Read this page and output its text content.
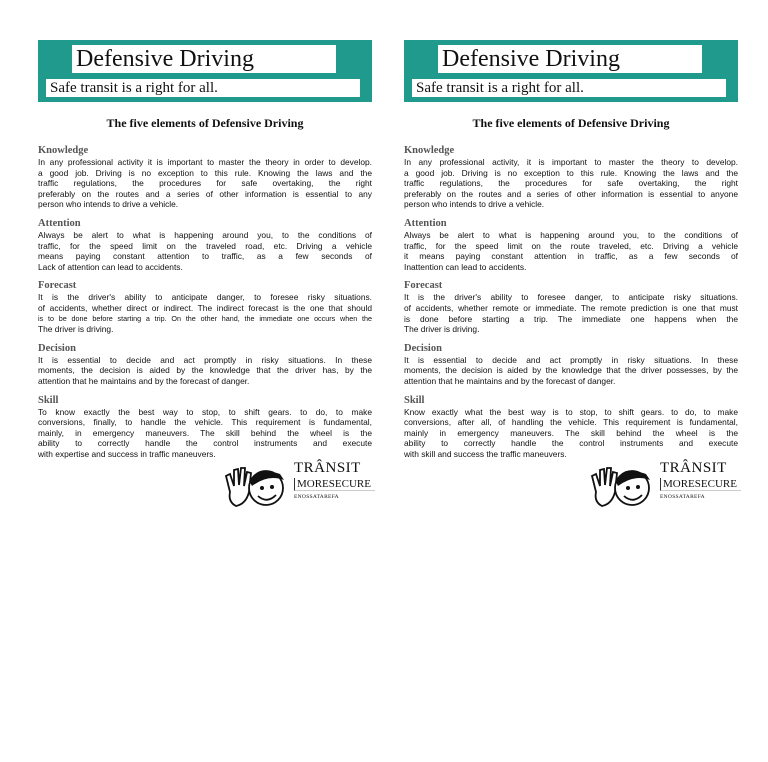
Defensive Driving
Safe transit is a right for all.
The five elements of Defensive Driving
Knowledge
In any professional activity it is important to master the theory in order to develop.
a good job. Driving is no exception to this rule. Knowing the laws and the
traffic regulations, the procedures for safe overtaking, the right
preferably on the routes and a series of other information is essential to any
person who intends to drive a vehicle.
Attention
Always be alert to what is happening around you, to the conditions of
traffic, for the speed limit on the traveled road, etc. Driving a vehicle
means paying constant attention to traffic, as a few seconds of
Lack of attention can lead to accidents.
Forecast
It is the driver's ability to anticipate danger, to foresee risky situations.
of accidents, whether direct or indirect. The indirect forecast is the one that should
is to be done before starting a trip. On the other hand, the immediate one occurs when the
The driver is driving.
Decision
It is essential to decide and act promptly in risky situations. In these
moments, the decision is aided by the knowledge that the driver has, by the
attention that he maintains and by the forecast of danger.
Skill
To know exactly the best way to stop, to shift gears. to do, to make
conversions, finally, to handle the vehicle. This requirement is fundamental,
mainly, in emergency maneuvers. The skill behind the wheel is the
ability to correctly handle the control instruments and execute
with expertise and success in traffic maneuvers.
TRÂNSIT
MORESECURE
ENOSSATAREFA
Defensive Driving
Safe transit is a right for all.
The five elements of Defensive Driving
Knowledge
In any professional activity, it is important to master the theory to develop.
a good job. Driving is no exception to this rule. Knowing the laws and the
traffic regulations, the procedures for safe overtaking, the right
preferably on the routes and a series of other information is essential to anyone
person who intends to drive a vehicle.
Attention
Always be alert to what is happening around you, to the conditions of
traffic, for the speed limit on the route traveled, etc. Driving a vehicle
it means paying constant attention in traffic, as a few seconds of
Inattention can lead to accidents.
Forecast
It is the driver's ability to foresee danger, to anticipate risky situations.
of accidents, whether remote or immediate. The remote prediction is one that must
is done before starting a trip. The immediate one happens when the
The driver is driving.
Decision
It is essential to decide and act promptly in risky situations. In these
moments, the decision is aided by the knowledge that the driver possesses, by the
attention that he maintains and by the forecast of danger.
Skill
Know exactly what the best way is to stop, to shift gears. to do, to make
conversions, after all, of handling the vehicle. This requirement is fundamental,
mainly in emergency maneuvers. The skill behind the wheel is the
ability to correctly handle the control instruments and execute
with skill and success the traffic maneuvers.
TRÂNSIT
MORESECURE
ENOSSATAREFA
